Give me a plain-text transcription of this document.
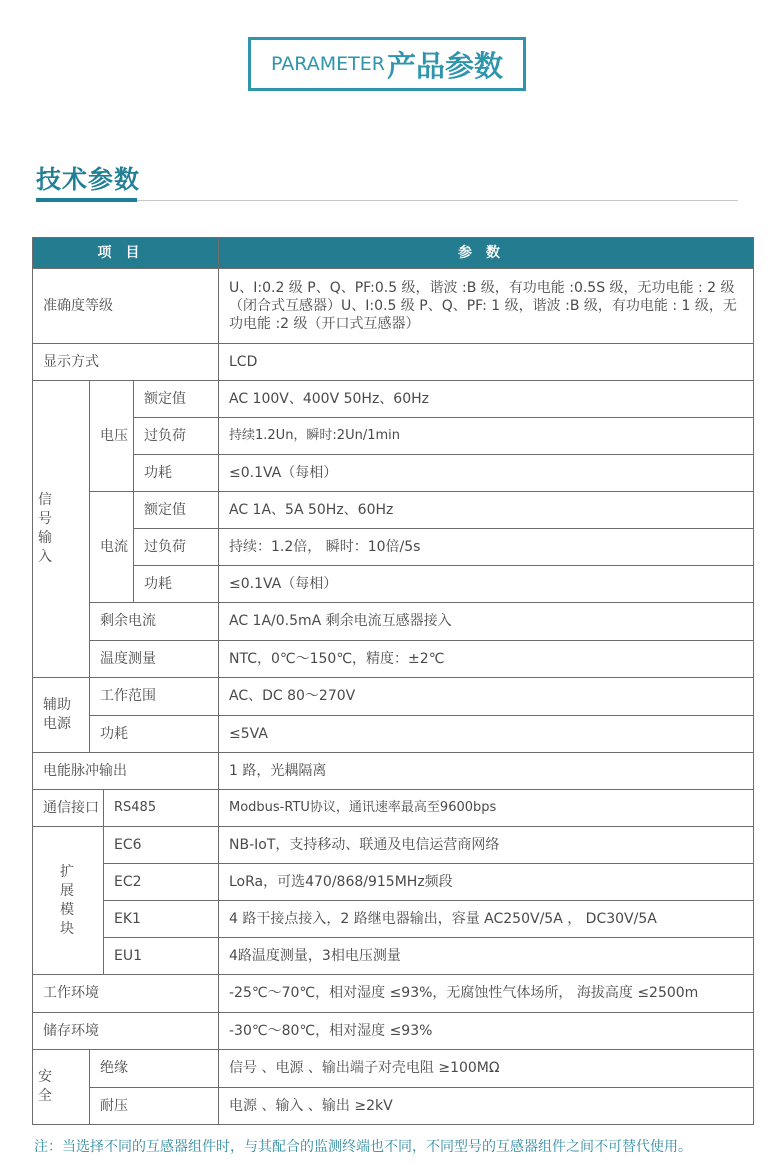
PARAMETER 产品参数
技术参数
项目				参数
准确度等级				U、I:0.2 级 P、Q、PF:0.5 级，谐波 :B 级，有功电能 :0.5S 级，无功电能 : 2 级（闭合式互感器）U、I:0.5 级 P、Q、PF: 1 级，谐波 :B 级，有功电能 : 1 级，无功电能 :2 级（开口式互感器）
显示方式				LCD
信号输入	电压		额定值	AC 100V、400V 50Hz、60Hz
			过负荷	持续1.2Un，瞬时:2Un/1min
			功耗	≤0.1VA（每相）
	电流		额定值	AC 1A、5A 50Hz、60Hz
			过负荷	持续：1.2倍， 瞬时：10倍/5s
			功耗	≤0.1VA（每相）
	剩余电流			AC 1A/0.5mA 剩余电流互感器接入
	温度测量			NTC，0℃～150℃，精度：±2℃
辅助电源	工作范围			AC、DC 80～270V
	功耗			≤5VA
电能脉冲输出				1 路，光耦隔离
通信接口		RS485		Modbus-RTU协议，通讯速率最高至9600bps
扩展模块		EC6		NB-IoT，支持移动、联通及电信运营商网络
		EC2		LoRa，可选470/868/915MHz频段
		EK1		4 路干接点接入，2 路继电器输出，容量 AC250V/5A ， DC30V/5A
		EU1		4路温度测量，3相电压测量
工作环境				-25℃～70℃，相对湿度 ≤93%，无腐蚀性气体场所， 海拔高度 ≤2500m
储存环境				-30℃～80℃，相对湿度 ≤93%
安全	绝缘			信号 、电源 、输出端子对壳电阻 ≥100MΩ
	耐压			电源 、输入 、输出 ≥2kV
注：当选择不同的互感器组件时，与其配合的监测终端也不同，不同型号的互感器组件之间不可替代使用。
